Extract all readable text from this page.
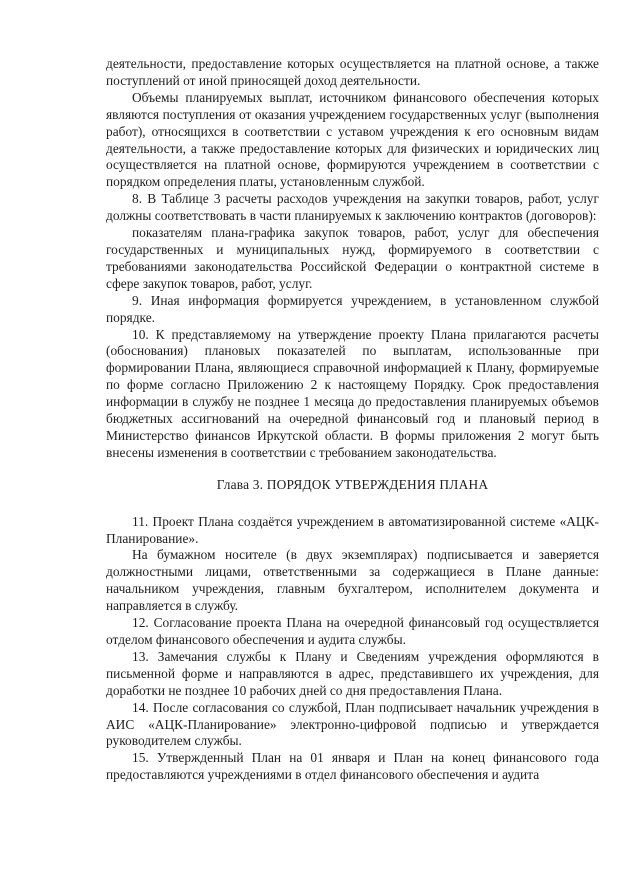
деятельности, предоставление которых осуществляется на платной основе, а также поступлений от иной приносящей доход деятельности.

Объемы планируемых выплат, источником финансового обеспечения которых являются поступления от оказания учреждением государственных услуг (выполнения работ), относящихся в соответствии с уставом учреждения к его основным видам деятельности, а также предоставление которых для физических и юридических лиц осуществляется на платной основе, формируются учреждением в соответствии с порядком определения платы, установленным службой.

8. В Таблице 3 расчеты расходов учреждения на закупки товаров, работ, услуг должны соответствовать в части планируемых к заключению контрактов (договоров):

показателям плана-графика закупок товаров, работ, услуг для обеспечения государственных и муниципальных нужд, формируемого в соответствии с требованиями законодательства Российской Федерации о контрактной системе в сфере закупок товаров, работ, услуг.

9. Иная информация формируется учреждением, в установленном службой порядке.

10. К представляемому на утверждение проекту Плана прилагаются расчеты (обоснования) плановых показателей по выплатам, использованные при формировании Плана, являющиеся справочной информацией к Плану, формируемые по форме согласно Приложению 2 к настоящему Порядку. Срок предоставления информации в службу не позднее 1 месяца до предоставления планируемых объемов бюджетных ассигнований на очередной финансовый год и плановый период в Министерство финансов Иркутской области. В формы приложения 2 могут быть внесены изменения в соответствии с требованием законодательства.

Глава 3. ПОРЯДОК УТВЕРЖДЕНИЯ ПЛАНА

11. Проект Плана создаётся учреждением в автоматизированной системе «АЦК-Планирование».

На бумажном носителе (в двух экземплярах) подписывается и заверяется должностными лицами, ответственными за содержащиеся в Плане данные: начальником учреждения, главным бухгалтером, исполнителем документа и направляется в службу.

12. Согласование проекта Плана на очередной финансовый год осуществляется отделом финансового обеспечения и аудита службы.

13. Замечания службы к Плану и Сведениям учреждения оформляются в письменной форме и направляются в адрес, представившего их учреждения, для доработки не позднее 10 рабочих дней со дня предоставления Плана.

14. После согласования со службой, План подписывает начальник учреждения в АИС «АЦК-Планирование» электронно-цифровой подписью и утверждается руководителем службы.

15. Утвержденный План на 01 января и План на конец финансового года предоставляются учреждениями в отдел финансового обеспечения и аудита
